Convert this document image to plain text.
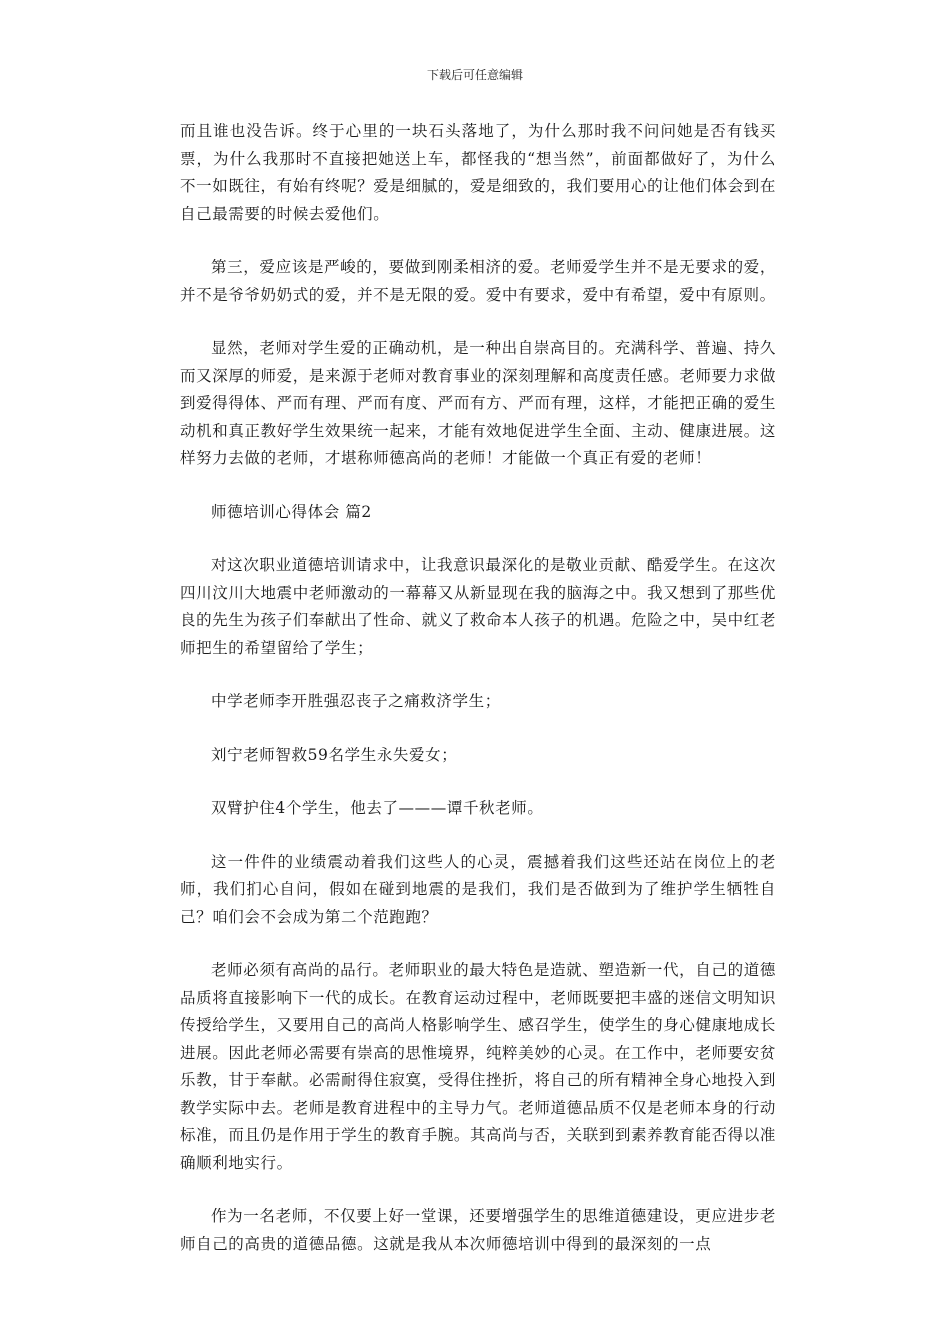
下载后可任意编辑

而且谁也没告诉。终于心里的一块石头落地了，为什么那时我不问问她是否有钱买票，为什么我那时不直接把她送上车，都怪我的“想当然”，前面都做好了，为什么不一如既往，有始有终呢？爱是细腻的，爱是细致的，我们要用心的让他们体会到在自己最需要的时候去爱他们。

第三，爱应该是严峻的，要做到刚柔相济的爱。老师爱学生并不是无要求的爱，并不是爷爷奶奶式的爱，并不是无限的爱。爱中有要求，爱中有希望，爱中有原则。

显然，老师对学生爱的正确动机，是一种出自崇高目的。充满科学、普遍、持久而又深厚的师爱，是来源于老师对教育事业的深刻理解和高度责任感。老师要力求做到爱得得体、严而有理、严而有度、严而有方、严而有理，这样，才能把正确的爱生动机和真正教好学生效果统一起来，才能有效地促进学生全面、主动、健康进展。这样努力去做的老师，才堪称师德高尚的老师！才能做一个真正有爱的老师！

师德培训心得体会 篇2

对这次职业道德培训请求中，让我意识最深化的是敬业贡献、酷爱学生。在这次四川汶川大地震中老师激动的一幕幕又从新显现在我的脑海之中。我又想到了那些优良的先生为孩子们奉献出了性命、就义了救命本人孩子的机遇。危险之中，吴中红老师把生的希望留给了学生；

中学老师李开胜强忍丧子之痛救济学生；

刘宁老师智救59名学生永失爱女；

双臂护住4个学生，他去了———谭千秋老师。

这一件件的业绩震动着我们这些人的心灵，震撼着我们这些还站在岗位上的老师，我们扪心自问，假如在碰到地震的是我们，我们是否做到为了维护学生牺牲自己？咱们会不会成为第二个范跑跑？

老师必须有高尚的品行。老师职业的最大特色是造就、塑造新一代，自己的道德品质将直接影响下一代的成长。在教育运动过程中，老师既要把丰盛的迷信文明知识传授给学生，又要用自己的高尚人格影响学生、感召学生，使学生的身心健康地成长进展。因此老师必需要有崇高的思惟境界，纯粹美妙的心灵。在工作中，老师要安贫乐教，甘于奉献。必需耐得住寂寞，受得住挫折，将自己的所有精神全身心地投入到教学实际中去。老师是教育进程中的主导力气。老师道德品质不仅是老师本身的行动标准，而且仍是作用于学生的教育手腕。其高尚与否，关联到到素养教育能否得以准确顺利地实行。

作为一名老师，不仅要上好一堂课，还要增强学生的思维道德建设，更应进步老师自己的高贵的道德品德。这就是我从本次师德培训中得到的最深刻的一点
